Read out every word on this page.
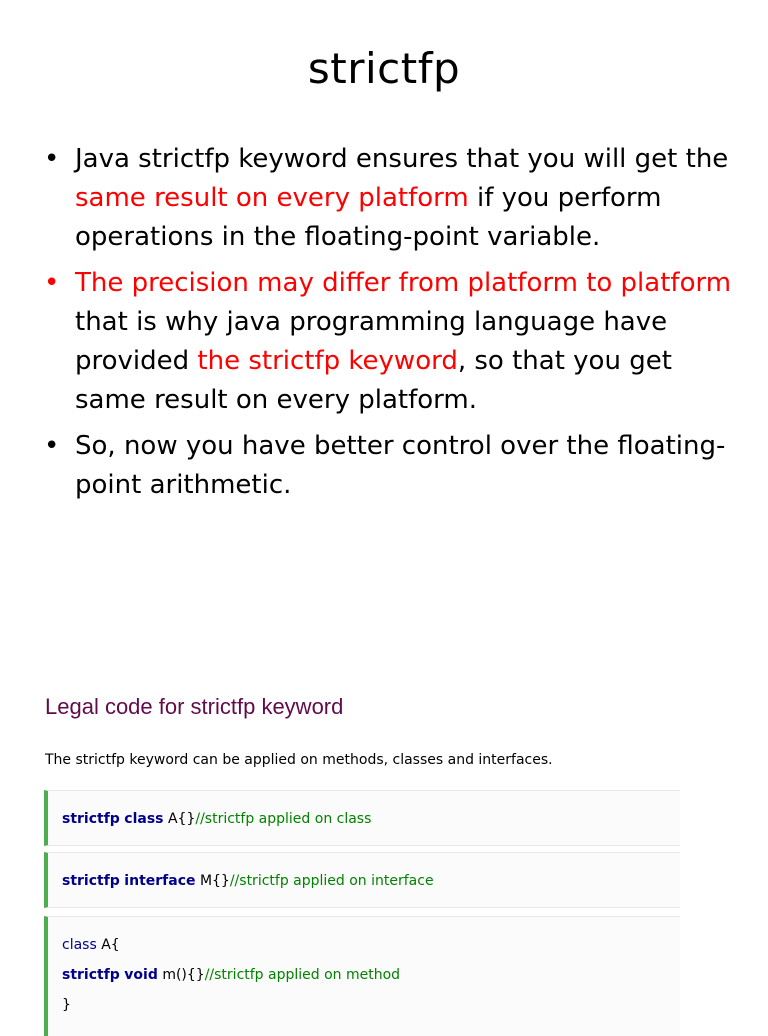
strictfp
• Java strictfp keyword ensures that you will get the same result on every platform if you perform operations in the floating-point variable.
• The precision may differ from platform to platform that is why java programming language have provided the strictfp keyword, so that you get same result on every platform.
• So, now you have better control over the floating-point arithmetic.
Legal code for strictfp keyword
The strictfp keyword can be applied on methods, classes and interfaces.
strictfp class A{}//strictfp applied on class
strictfp interface M{}//strictfp applied on interface
class A{
strictfp void m(){}//strictfp applied on method
}
